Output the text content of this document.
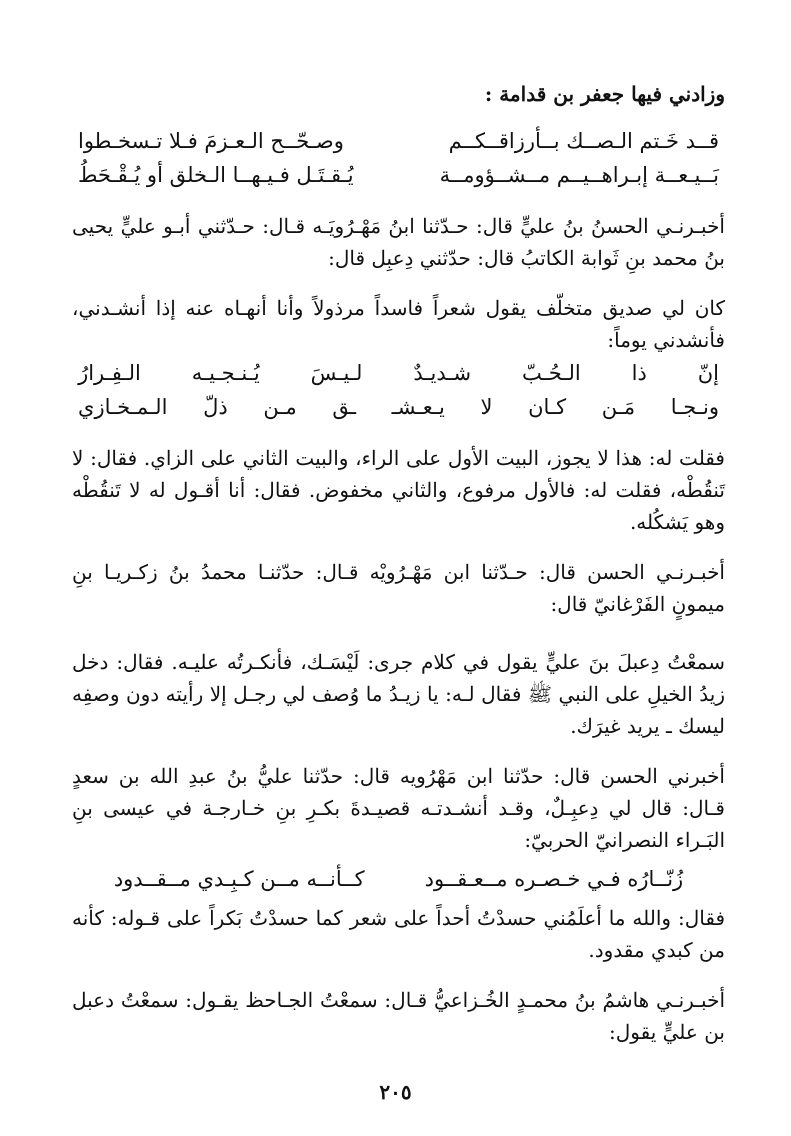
وزادني فيها جعفر بن قدامة :

قــد خَـتم الـصــك بــأرزاقــكــم
وصـحّــح الـعـزمَ فـلا تـسخـطوا
بَــيـعــة إبـراهــيــم مــشــؤومــة
يُـقـتَـل فـيـهــا الـخلق أو يُـقْـحَطُ

أخبـرنـي الحسنُ بنُ عليٍّ قال: حـدّثنا ابنُ مَهْـرُويَـه قـال: حـدّثني أبـو عليٍّ يحيى بنُ محمد بنِ ثَوابة الكاتبُ قال: حدّثني دِعبِل قال:

كان لي صديق متخلّف يقول شعراً فاسداً مرذولاً وأنا أنهـاه عنه إذا أنشـدني، فأنشدني يوماً:

إنّ
ذا
الـحُـبّ
شـديـدٌ
لـيـسَ
يُـنـجـيـه
الـفِـرارُ
ونـجـا
مَـن
كـان
لا
يـعـشـ
ـق
مـن
ذلّ
الـمـخـازي

فقلت له: هذا لا يجوز، البيت الأول على الراء، والبيت الثاني على الزاي. فقال: لا تَنقُطْه، فقلت له: فالأول مرفوع، والثاني مخفوض. فقال: أنا أقـول له لا تَنقُطْه وهو يَشكُله.

أخبـرنـي الحسن قال: حـدّثنا ابن مَهْـرُويْه قـال: حدّثنـا محمدُ بنُ زكـريـا بنِ ميمونٍ الفَرْغانيّ قال:

سمعْتُ دِعبلَ بنَ عليٍّ يقول في كلام جرى: لَيْسَـك، فأنكـرتُه عليـه. فقال: دخل زيدُ الخيلِ على النبي ﷺ فقال لـه: يا زيـدُ ما وُصف لي رجـل إلا رأيته دون وصفِه ليسك ـ يريد غيرَك.

أخبرني الحسن قال: حدّثنا ابن مَهْرُويه قال: حدّثنا عليُّ بنُ عبدِ الله بن سعدٍ قـال: قال لي دِعبِـلٌ، وقـد أنشـدتـه قصيـدةَ بكـرِ بنِ خـارجـة في عيسى بنِ البَـراء النصرانيّ الحربيّ:

زُنّــارُه فـي خـصـره مــعـقــود
كــأنــه مــن كـبِـدي مــقــدود

فقال: والله ما أعلَمُني حسدْتُ أحداً على شعر كما حسدْتُ بَكراً على قـوله: كأنه من كبدي مقدود.

أخبـرنـي هاشمُ بنُ محمـدٍ الخُـزاعيُّ قـال: سمعْتُ الجـاحظ يقـول: سمعْتُ دعبل بن عليٍّ يقول:

٢٠٥
